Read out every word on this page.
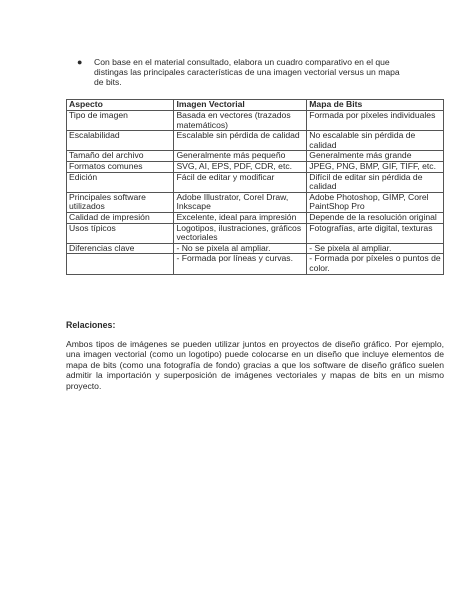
● Con base en el material consultado, elabora un cuadro comparativo en el que distingas las principales características de una imagen vectorial versus un mapa de bits.
Aspecto	Imagen Vectorial	Mapa de Bits
Tipo de imagen	Basada en vectores (trazados matemáticos)	Formada por píxeles individuales
Escalabilidad	Escalable sin pérdida de calidad	No escalable sin pérdida de calidad
Tamaño del archivo	Generalmente más pequeño	Generalmente más grande
Formatos comunes	SVG, AI, EPS, PDF, CDR, etc.	JPEG, PNG, BMP, GIF, TIFF, etc.
Edición	Fácil de editar y modificar	Difícil de editar sin pérdida de calidad
Principales software utilizados	Adobe Illustrator, Corel Draw, Inkscape	Adobe Photoshop, GIMP, Corel PaintShop Pro
Calidad de impresión	Excelente, ideal para impresión	Depende de la resolución original
Usos típicos	Logotipos, ilustraciones, gráficos vectoriales	Fotografías, arte digital, texturas
Diferencias clave	- No se pixela al ampliar.	- Se pixela al ampliar.
	- Formada por líneas y curvas.	- Formada por píxeles o puntos de color.
Relaciones:
Ambos tipos de imágenes se pueden utilizar juntos en proyectos de diseño gráfico. Por ejemplo, una imagen vectorial (como un logotipo) puede colocarse en un diseño que incluye elementos de mapa de bits (como una fotografía de fondo) gracias a que los software de diseño gráfico suelen admitir la importación y superposición de imágenes vectoriales y mapas de bits en un mismo proyecto.
